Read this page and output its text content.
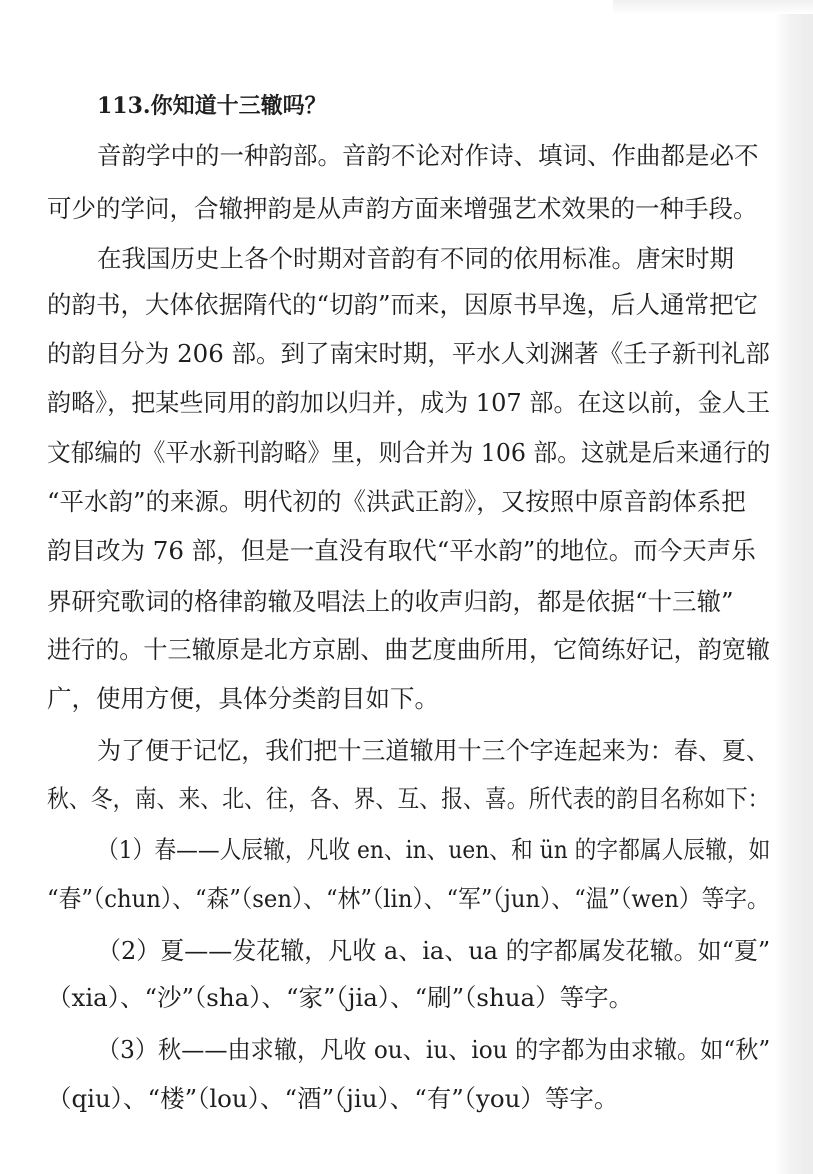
113.你知道十三辙吗？

音韵学中的一种韵部。音韵不论对作诗、填词、作曲都是必不

可少的学问，合辙押韵是从声韵方面来增强艺术效果的一种手段。

在我国历史上各个时期对音韵有不同的依用标准。唐宋时期

的韵书，大体依据隋代的“切韵”而来，因原书早逸，后人通常把它

的韵目分为 206 部。到了南宋时期，平水人刘渊著《壬子新刊礼部

韵略》，把某些同用的韵加以归并，成为 107 部。在这以前，金人王

文郁编的《平水新刊韵略》里，则合并为 106 部。这就是后来通行的

“平水韵”的来源。明代初的《洪武正韵》，又按照中原音韵体系把

韵目改为 76 部，但是一直没有取代“平水韵”的地位。而今天声乐

界研究歌词的格律韵辙及唱法上的收声归韵，都是依据“十三辙”

进行的。十三辙原是北方京剧、曲艺度曲所用，它简练好记，韵宽辙

广，使用方便，具体分类韵目如下。

为了便于记忆，我们把十三道辙用十三个字连起来为：春、夏、

秋、冬，南、来、北、往，各、界、互、报、喜。所代表的韵目名称如下：

（1）春——人辰辙，凡收 en、in、uen、和 ün 的字都属人辰辙，如

“春”（chun）、“森”（sen）、“林”（lin）、“军”（jun）、“温”（wen）等字。

（2）夏——发花辙，凡收 a、ia、ua 的字都属发花辙。如“夏”

（xia）、“沙”（sha）、“家”（jia）、“刷”（shua）等字。

（3）秋——由求辙，凡收 ou、iu、iou 的字都为由求辙。如“秋”

（qiu）、“楼”（lou）、“酒”（jiu）、“有”（you）等字。
